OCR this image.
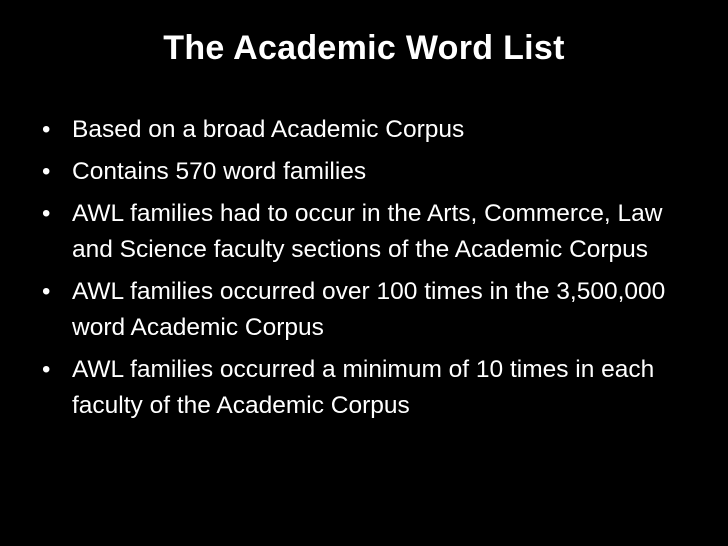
The Academic Word List
• Based on a broad Academic Corpus
• Contains 570 word families
• AWL families had to occur in the Arts, Commerce, Law and Science faculty sections of the Academic Corpus
• AWL families occurred over 100 times in the 3,500,000 word Academic Corpus
• AWL families occurred a minimum of 10 times in each faculty of the Academic Corpus
